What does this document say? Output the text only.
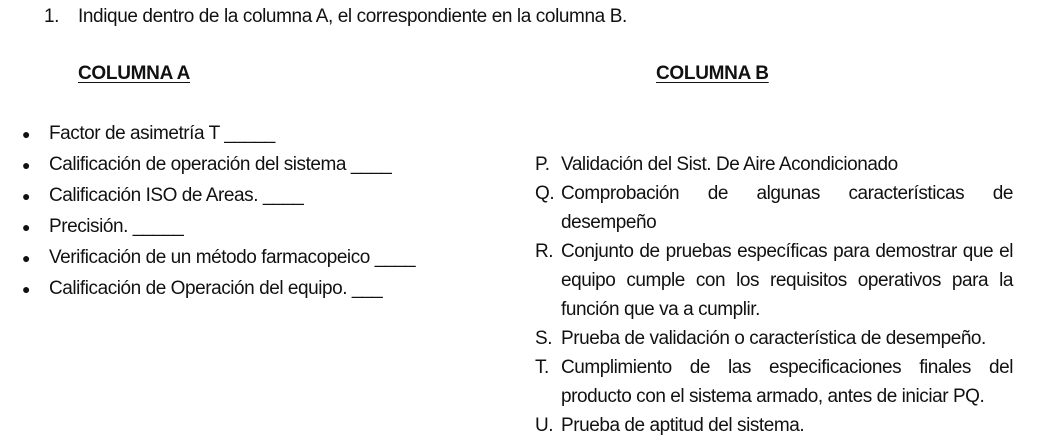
1. Indique dentro de la columna A, el correspondiente en la columna B.
COLUMNA A	COLUMNA B
● Factor de asimetría T _____
● Calificación de operación del sistema ____
● Calificación ISO de Areas. ____
● Precisión. _____
● Verificación de un método farmacopeico ____
● Calificación de Operación del equipo. ___
P. Validación del Sist. De Aire Acondicionado
Q. Comprobación de algunas características de desempeño
R. Conjunto de pruebas específicas para demostrar que el equipo cumple con los requisitos operativos para la función que va a cumplir.
S. Prueba de validación o característica de desempeño.
T. Cumplimiento de las especificaciones finales del producto con el sistema armado, antes de iniciar PQ.
U. Prueba de aptitud del sistema.
